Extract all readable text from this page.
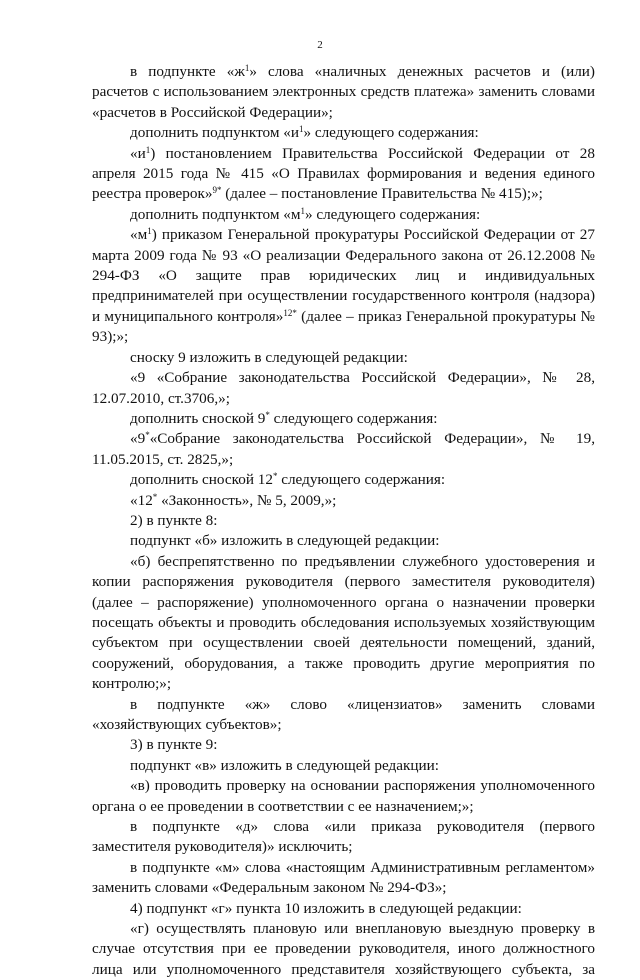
2

в подпункте «$ж^1$» слова «наличных денежных расчетов и (или) расчетов с использованием электронных средств платежа» заменить словами «расчетов в Российской Федерации»;

дополнить подпунктом «$и^1$» следующего содержания:

«$и^1$) постановлением Правительства Российской Федерации от 28 апреля 2015 года № 415 «О Правилах формирования и ведения единого реестра проверок»$^{9*}$ (далее – постановление Правительства № 415);»;

дополнить подпунктом «$м^1$» следующего содержания:

«$м^1$) приказом Генеральной прокуратуры Российской Федерации от 27 марта 2009 года № 93 «О реализации Федерального закона от 26.12.2008 № 294-ФЗ «О защите прав юридических лиц и индивидуальных предпринимателей при осуществлении государственного контроля (надзора) и муниципального контроля»$^{12*}$ (далее – приказ Генеральной прокуратуры № 93);»;

сноску 9 изложить в следующей редакции:

«9 «Собрание законодательства Российской Федерации», № 28, 12.07.2010, ст.3706,»;

дополнить сноской 9* следующего содержания:

«9*«Собрание законодательства Российской Федерации», № 19, 11.05.2015, ст. 2825,»;

дополнить сноской 12* следующего содержания:

«12* «Законность», № 5, 2009,»;

2) в пункте 8:

подпункт «б» изложить в следующей редакции:

«б) беспрепятственно по предъявлении служебного удостоверения и копии распоряжения руководителя (первого заместителя руководителя) (далее – распоряжение) уполномоченного органа о назначении проверки посещать объекты и проводить обследования используемых хозяйствующим субъектом при осуществлении своей деятельности помещений, зданий, сооружений, оборудования, а также проводить другие мероприятия по контролю;»;

в подпункте «ж» слово «лицензиатов» заменить словами «хозяйствующих субъектов»;

3) в пункте 9:

подпункт «в» изложить в следующей редакции:

«в) проводить проверку на основании распоряжения уполномоченного органа о ее проведении в соответствии с ее назначением;»;

в подпункте «д» слова «или приказа руководителя (первого заместителя руководителя)» исключить;

в подпункте «м» слова «настоящим Административным регламентом» заменить словами «Федеральным законом № 294-ФЗ»;

4) подпункт «г» пункта 10 изложить в следующей редакции:

«г) осуществлять плановую или внеплановую выездную проверку в случае отсутствия при ее проведении руководителя, иного должностного лица или уполномоченного представителя хозяйствующего субъекта, за
